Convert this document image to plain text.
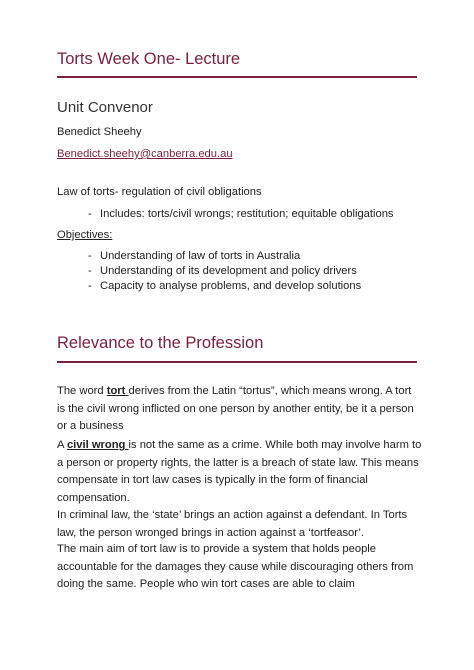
Torts Week One- Lecture
Unit Convenor
Benedict Sheehy
Benedict.sheehy@canberra.edu.au
Law of torts- regulation of civil obligations
- Includes: torts/civil wrongs; restitution; equitable obligations
Objectives:
- Understanding of law of torts in Australia
- Understanding of its development and policy drivers
- Capacity to analyse problems, and develop solutions
Relevance to the Profession
The word tort derives from the Latin “tortus”, which means wrong. A tort is the civil wrong inflicted on one person by another entity, be it a person or a business
A civil wrong is not the same as a crime. While both may involve harm to a person or property rights, the latter is a breach of state law. This means compensate in tort law cases is typically in the form of financial compensation.
In criminal law, the ‘state’ brings an action against a defendant. In Torts law, the person wronged brings in action against a ‘tortfeasor’.
The main aim of tort law is to provide a system that holds people accountable for the damages they cause while discouraging others from doing the same. People who win tort cases are able to claim
